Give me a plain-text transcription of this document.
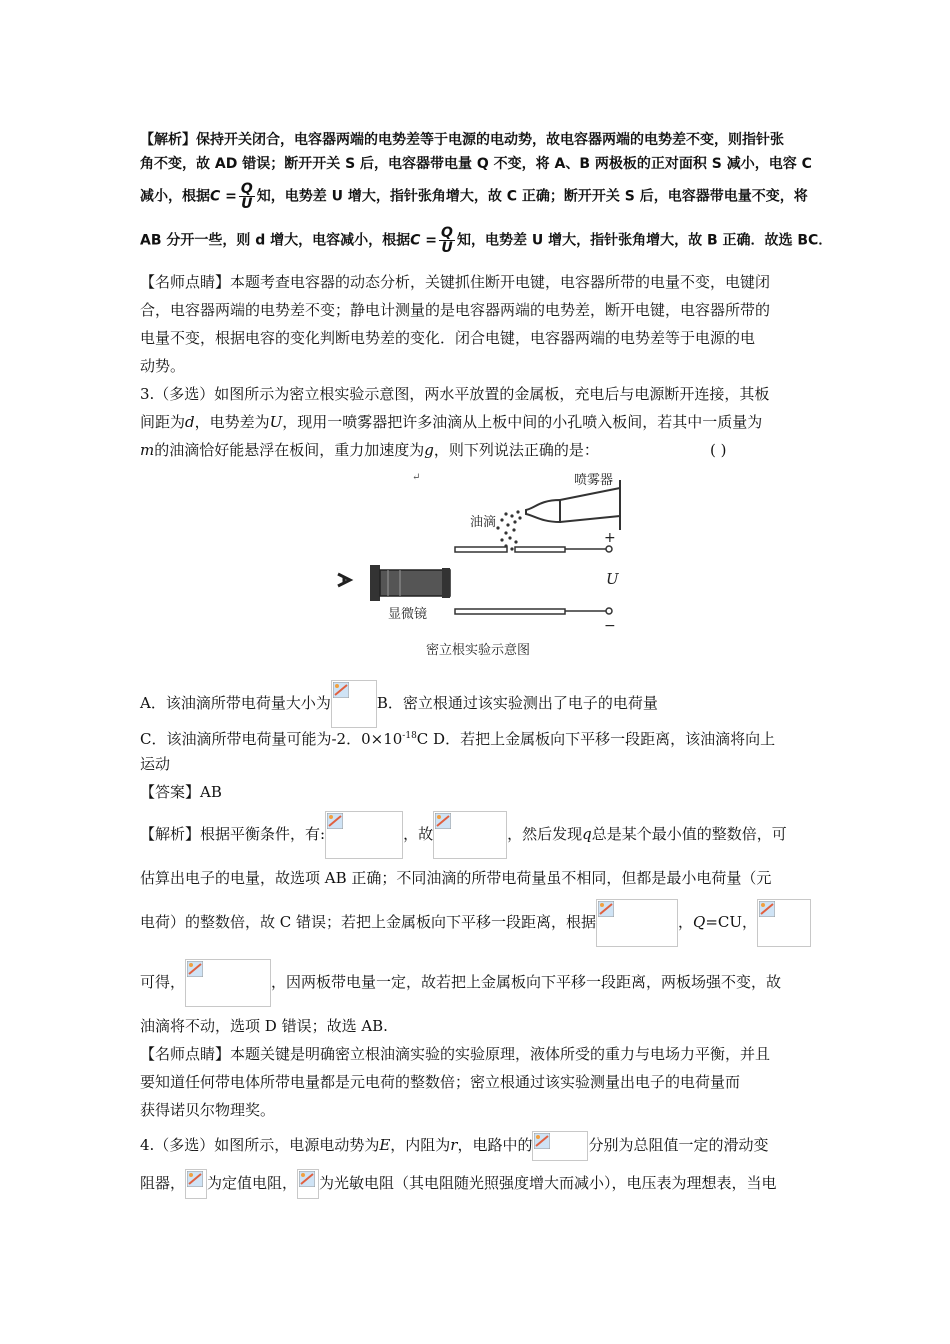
【解析】保持开关闭合，电容器两端的电势差等于电源的电动势，故电容器两端的电势差不变，则指针张
角不变，故 AD 错误；断开开关 S 后，电容器带电量 Q 不变，将 A、B 两极板的正对面积 S 减小，电容 C
减小，根据$C = \frac{Q}{U}$ 知，电势差 U 增大，指针张角增大，故 C 正确；断开开关 S 后，电容器带电量不变，将
AB 分开一些，则 d 增大，电容减小，根据$C = \frac{Q}{U}$ 知，电势差 U 增大，指针张角增大，故 B 正确．故选 BC．
【名师点睛】本题考查电容器的动态分析，关键抓住断开电键，电容器所带的电量不变，电键闭
合，电容器两端的电势差不变；静电计测量的是电容器两端的电势差，断开电键，电容器所带的
电量不变，根据电容的变化判断电势差的变化．闭合电键，电容器两端的电势差等于电源的电
动势。
3.（多选）如图所示为密立根实验示意图，两水平放置的金属板，充电后与电源断开连接，其板
间距为d，电势差为U，现用一喷雾器把许多油滴从上板中间的小孔喷入板间，若其中一质量为
m的油滴恰好能悬浮在板间，重力加速度为g，则下列说法正确的是：	( )
↵	喷雾器
油滴
+
U
−
显微镜
密立根实验示意图
A．该油滴所带电荷量大小为	B．密立根通过该实验测出了电子的电荷量
C．该油滴所带电荷量可能为-2．$0\times 10^{-18}C$ D．若把上金属板向下平移一段距离，该油滴将向上
运动
【答案】AB
【解析】根据平衡条件，有:	，故	，然后发现q总是某个最小值的整数倍，可
估算出电子的电量，故选项 AB 正确；不同油滴的所带电荷量虽不相同，但都是最小电荷量（元
电荷）的整数倍，故 C 错误；若把上金属板向下平移一段距离，根据	，Q=CU，
可得，	，因两板带电量一定，故若把上金属板向下平移一段距离，两板场强不变，故
油滴将不动，选项 D 错误；故选 AB.
【名师点睛】本题关键是明确密立根油滴实验的实验原理，液体所受的重力与电场力平衡，并且
要知道任何带电体所带电量都是元电荷的整数倍；密立根通过该实验测量出电子的电荷量而
获得诺贝尔物理奖。
4.（多选）如图所示，电源电动势为E，内阻为r，电路中的	分别为总阻值一定的滑动变
阻器， 为定值电阻， 为光敏电阻（其电阻随光照强度增大而减小），电压表为理想表，当电
